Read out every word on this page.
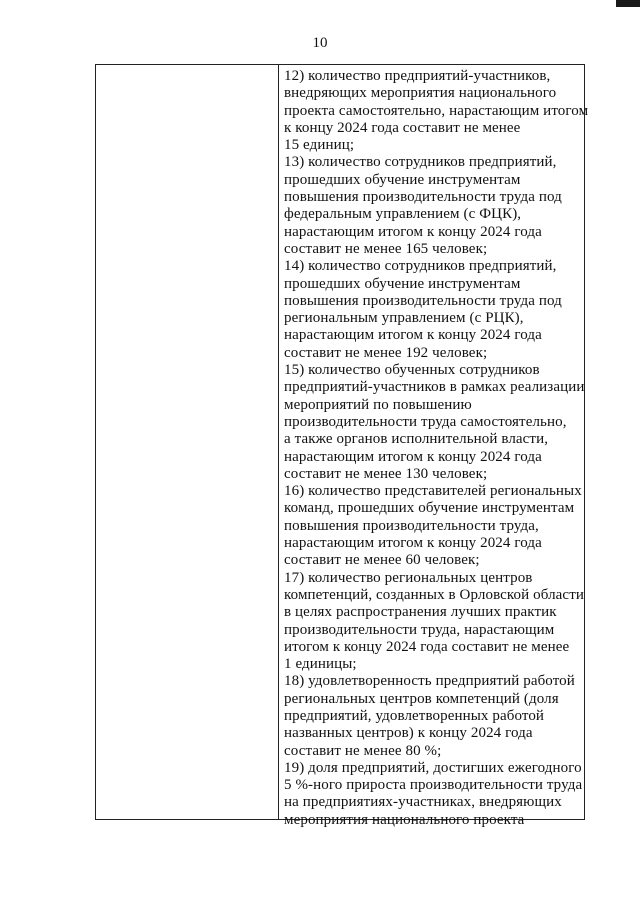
10
12) количество предприятий-участников,
внедряющих мероприятия национального
проекта самостоятельно, нарастающим итогом
к концу 2024 года составит не менее
15 единиц;
13) количество сотрудников предприятий,
прошедших обучение инструментам
повышения производительности труда под
федеральным управлением (с ФЦК),
нарастающим итогом к концу 2024 года
составит не менее 165 человек;
14) количество сотрудников предприятий,
прошедших обучение инструментам
повышения производительности труда под
региональным управлением (с РЦК),
нарастающим итогом к концу 2024 года
составит не менее 192 человек;
15) количество обученных сотрудников
предприятий-участников в рамках реализации
мероприятий по повышению
производительности труда самостоятельно,
а также органов исполнительной власти,
нарастающим итогом к концу 2024 года
составит не менее 130 человек;
16) количество представителей региональных
команд, прошедших обучение инструментам
повышения производительности труда,
нарастающим итогом к концу 2024 года
составит не менее 60 человек;
17) количество региональных центров
компетенций, созданных в Орловской области
в целях распространения лучших практик
производительности труда, нарастающим
итогом к концу 2024 года составит не менее
1 единицы;
18) удовлетворенность предприятий работой
региональных центров компетенций (доля
предприятий, удовлетворенных работой
названных центров) к концу 2024 года
составит не менее 80 %;
19) доля предприятий, достигших ежегодного
5 %-ного прироста производительности труда
на предприятиях-участниках, внедряющих
мероприятия национального проекта
